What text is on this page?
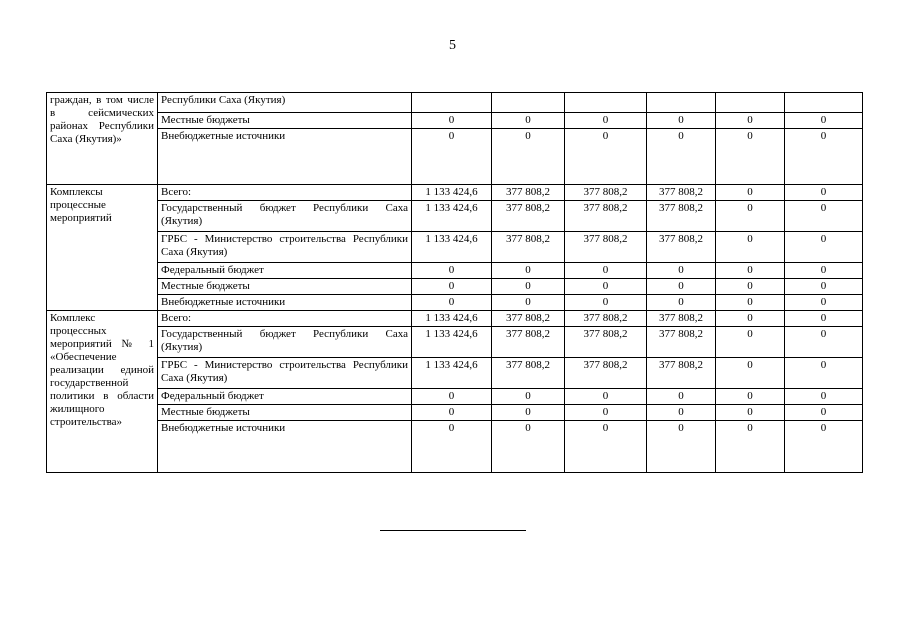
5
граждан, в том числе в сейсмических районах Республики Саха (Якутия)»	Республики Саха (Якутия)						
	Местные бюджеты	0	0	0	0	0	0
	Внебюджетные источники	0	0	0	0	0	0
Комплексы процессные мероприятий	Всего:	1 133 424,6	377 808,2	377 808,2	377 808,2	0	0
	Государственный бюджет Республики Саха (Якутия)	1 133 424,6	377 808,2	377 808,2	377 808,2	0	0
	ГРБС - Министерство строительства Республики Саха (Якутия)	1 133 424,6	377 808,2	377 808,2	377 808,2	0	0
	Федеральный бюджет	0	0	0	0	0	0
	Местные бюджеты	0	0	0	0	0	0
	Внебюджетные источники	0	0	0	0	0	0
Комплекс процессных мероприятий № 1 «Обеспечение реализации единой государственной политики в области жилищного строительства»	Всего:	1 133 424,6	377 808,2	377 808,2	377 808,2	0	0
	Государственный бюджет Республики Саха (Якутия)	1 133 424,6	377 808,2	377 808,2	377 808,2	0	0
	ГРБС - Министерство строительства Республики Саха (Якутия)	1 133 424,6	377 808,2	377 808,2	377 808,2	0	0
	Федеральный бюджет	0	0	0	0	0	0
	Местные бюджеты	0	0	0	0	0	0
	Внебюджетные источники	0	0	0	0	0	0
